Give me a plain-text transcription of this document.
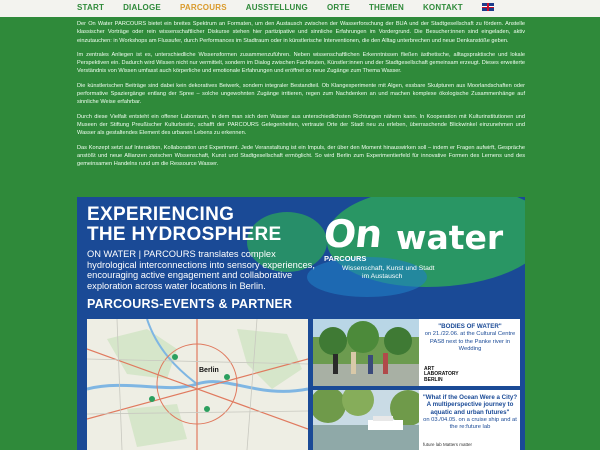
START DIALOGE PARCOURS AUSSTELLUNG ORTE THEMEN KONTAKT

Der On Water PARCOURS bietet ein breites Spektrum an Formaten, um den Austausch zwischen der Wasserforschung der BUA und der Stadtgesellschaft zu fördern. Anstelle klassischer Vorträge oder rein wissenschaftlicher Diskurse stehen hier partizipative und sinnliche Erfahrungen im Vordergrund. Die Besucher:innen sind eingeladen, aktiv einzutauchen: in Workshops am Flussufer, durch Performances im Stadtraum oder in künstlerische Interventionen, die den Alltag unterbrechen und neue Denkanstöße geben.

Im zentrales Anliegen ist es, unterschiedliche Wissensformen zusammenzuführen. Neben wissenschaftlichen Erkenntnissen fließen ästhetische, alltagspraktische und lokale Perspektiven ein. Dadurch wird Wissen nicht nur vermittelt, sondern im Dialog zwischen Fachleuten, Künstler:innen und der Stadtgesellschaft gemeinsam erzeugt. Dieses erweiterte Verständnis von Wissen umfasst auch körperliche und emotionale Erfahrungen und eröffnet so neue Zugänge zum Thema Wasser.

Die künstlerischen Beiträge sind dabei kein dekoratives Beiwerk, sondern integraler Bestandteil. Ob Klangexperimente mit Algen, essbare Skulpturen aus Moorlandschaften oder performative Spaziergänge entlang der Spree – solche ungewohnten Zugänge irritieren, regen zum Nachdenken an und machen komplexe ökologische Zusammenhänge auf sinnliche Weise erfahrbar.

Durch diese Vielfalt entsteht ein offener Laborraum, in dem man sich dem Wasser aus unterschiedlichsten Richtungen nähern kann. In Kooperation mit Kulturinstitutionen und Museen der Stiftung Preußischer Kulturbesitz, schafft der PARCOURS Gelegenheiten, vertraute Orte der Stadt neu zu erleben, überraschende Blickwinkel einzunehmen und Wasser als gestaltendes Element des urbanen Lebens zu erkennen.

Das Konzept setzt auf Interaktion, Kollaboration und Experiment. Jede Veranstaltung ist ein Impuls, der über den Moment hinauswirken soll – indem er Fragen aufwirft, Gespräche anstößt und neue Allianzen zwischen Wissenschaft, Kunst und Stadtgesellschaft ermöglicht. So wird Berlin zum Experimentierfeld für innovative Formen des Lernens und des gemeinsamen Handelns rund um die Ressource Wasser.

EXPERIENCING
THE HYDROSPHERE
ON WATER | PARCOURS translates complex hydrological interconnections into sensory experiences, encouraging active engagement and collaborative exploration across water locations in Berlin.
PARCOURS-EVENTS & PARTNER
On water
PARCOURS
Wissenschaft, Kunst und Stadt
im Austausch
Berlin
"BODIES OF WATER"
on 21./22.06. at the Cultural Centre PAS8 next to the Panke river in Wedding
ART
LABORATORY
BERLIN
"What if the Ocean Were a City? A multiperspective journey to aquatic and urban futures"
on 03./04.05. on a cruise ship and at the re:future lab
future lab Matters matter
